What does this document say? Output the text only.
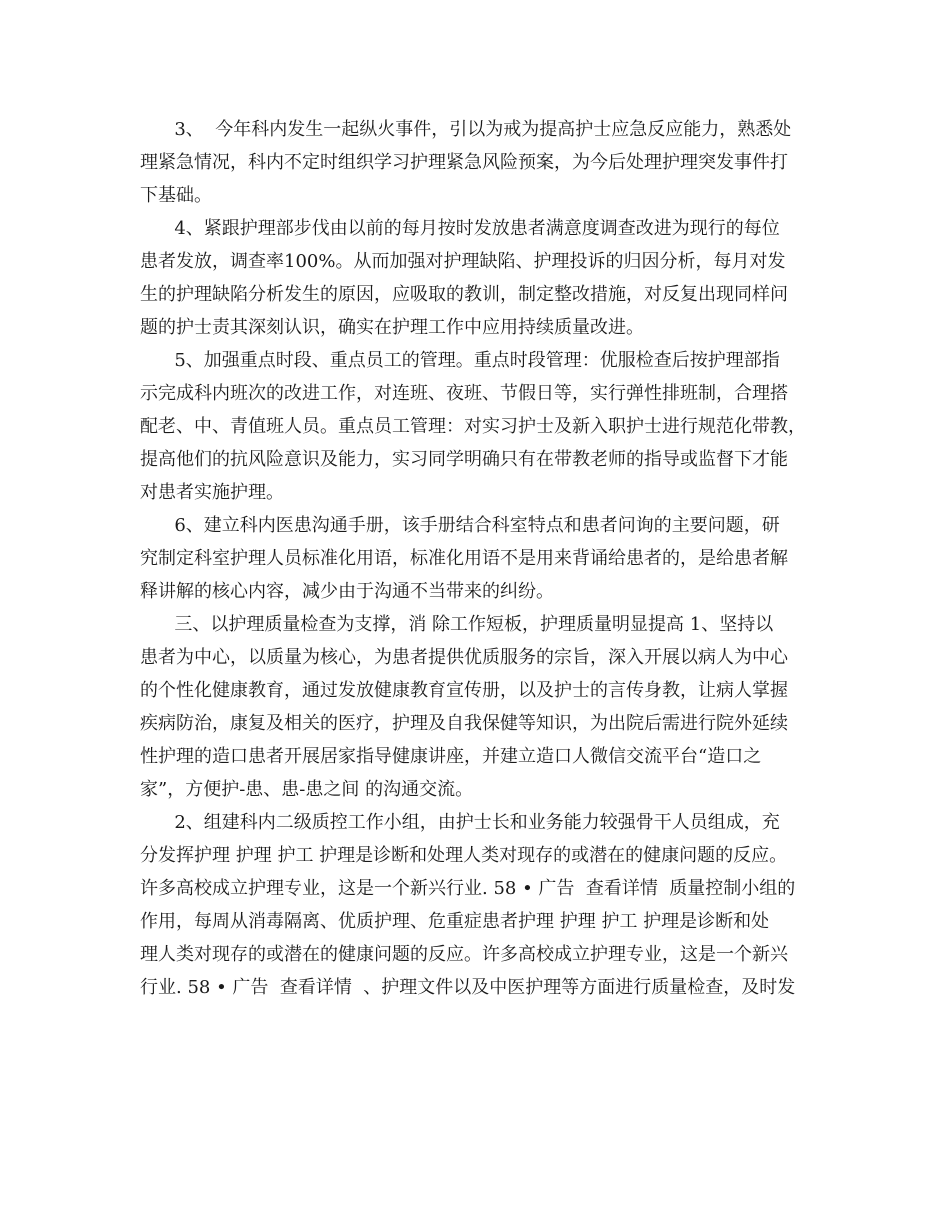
3、  今年科内发生一起纵火事件，引以为戒为提高护士应急反应能力，熟悉处
理紧急情况，科内不定时组织学习护理紧急风险预案，为今后处理护理突发事件打
下基础。
4、紧跟护理部步伐由以前的每月按时发放患者满意度调查改进为现行的每位
患者发放，调查率100%。从而加强对护理缺陷、护理投诉的归因分析，每月对发
生的护理缺陷分析发生的原因，应吸取的教训，制定整改措施，对反复出现同样问
题的护士责其深刻认识，确实在护理工作中应用持续质量改进。
5、加强重点时段、重点员工的管理。重点时段管理：优服检查后按护理部指
示完成科内班次的改进工作，对连班、夜班、节假日等，实行弹性排班制，合理搭
配老、中、青值班人员。重点员工管理：对实习护士及新入职护士进行规范化带教，
提高他们的抗风险意识及能力，实习同学明确只有在带教老师的指导或监督下才能
对患者实施护理。
6、建立科内医患沟通手册，该手册结合科室特点和患者问询的主要问题，研
究制定科室护理人员标准化用语，标准化用语不是用来背诵给患者的，是给患者解
释讲解的核心内容，减少由于沟通不当带来的纠纷。
三、以护理质量检查为支撑，消 除工作短板，护理质量明显提高 1、坚持以
患者为中心，以质量为核心，为患者提供优质服务的宗旨，深入开展以病人为中心
的个性化健康教育，通过发放健康教育宣传册，以及护士的言传身教，让病人掌握
疾病防治，康复及相关的医疗，护理及自我保健等知识，为出院后需进行院外延续
性护理的造口患者开展居家指导健康讲座，并建立造口人微信交流平台“造口之
家”，方便护-患、患-患之间 的沟通交流。
2、组建科内二级质控工作小组，由护士长和业务能力较强骨干人员组成，充
分发挥护理 护理 护工 护理是诊断和处理人类对现存的或潜在的健康问题的反应。
许多高校成立护理专业，这是一个新兴行业. 58 • 广告  查看详情  质量控制小组的
作用，每周从消毒隔离、优质护理、危重症患者护理 护理 护工 护理是诊断和处
理人类对现存的或潜在的健康问题的反应。许多高校成立护理专业，这是一个新兴
行业. 58 • 广告  查看详情  、护理文件以及中医护理等方面进行质量检查，及时发
